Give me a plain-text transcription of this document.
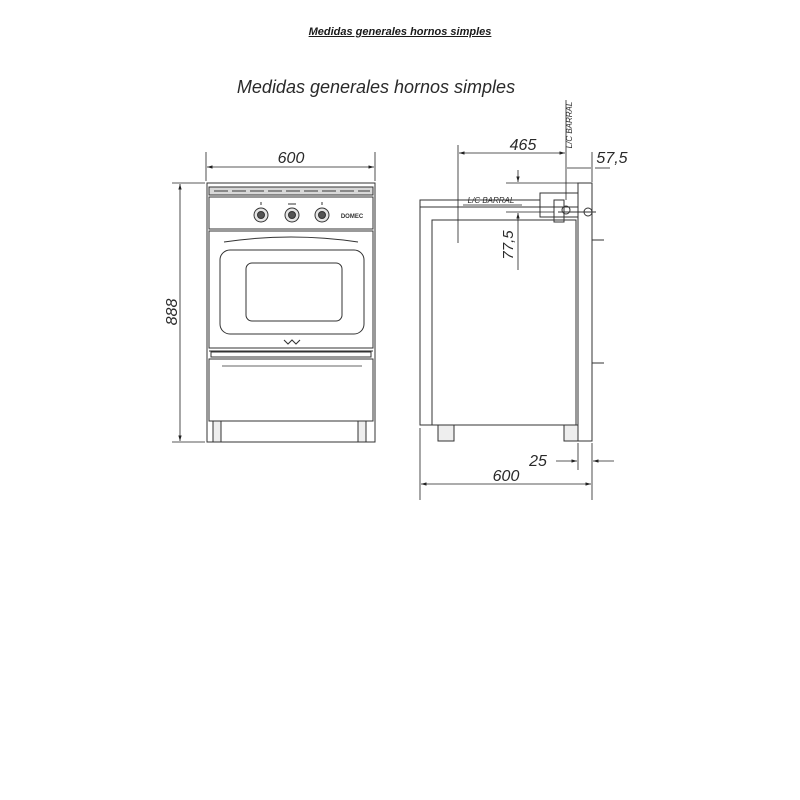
Medidas generales hornos simples
Medidas generales hornos simples
DOMEC
600
888
465
57,5
77,5
L/C BARRAL
L/C BARRAL
600
25
